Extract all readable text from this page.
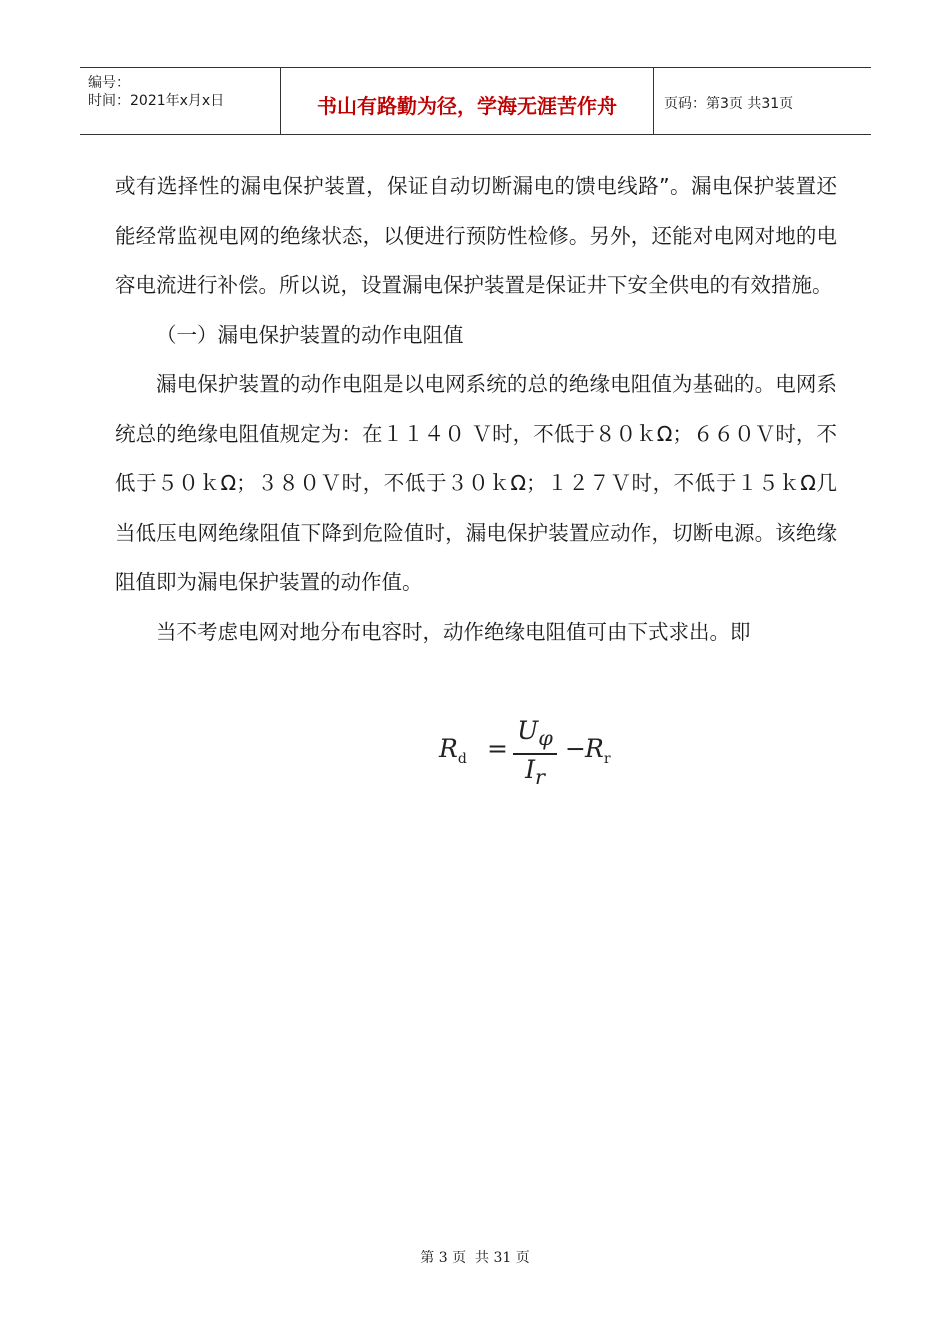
编号：
时间：2021年x月x日	书山有路勤为径，学海无涯苦作舟	页码：第3页 共31页

或有选择性的漏电保护装置，保证自动切断漏电的馈电线路”。漏电保护装置还能经常监视电网的绝缘状态，以便进行预防性检修。另外，还能对电网对地的电容电流进行补偿。所以说，设置漏电保护装置是保证井下安全供电的有效措施。

（一）漏电保护装置的动作电阻值

漏电保护装置的动作电阻是以电网系统的总的绝缘电阻值为基础的。电网系统总的绝缘电阻值规定为：在１１４０ Ｖ时，不低于８０ｋΩ；６６０Ｖ时，不低于５０ｋΩ；３８０Ｖ时，不低于３０ｋΩ；１２７Ｖ时，不低于１５ｋΩ几当低压电网绝缘阻值下降到危险值时，漏电保护装置应动作，切断电源。该绝缘阻值即为漏电保护装置的动作值。

当不考虑电网对地分布电容时，动作绝缘电阻值可由下式求出。即

$R_d = \frac{U_\varphi}{I_r} - R_r$
第 3 页  共 31 页
